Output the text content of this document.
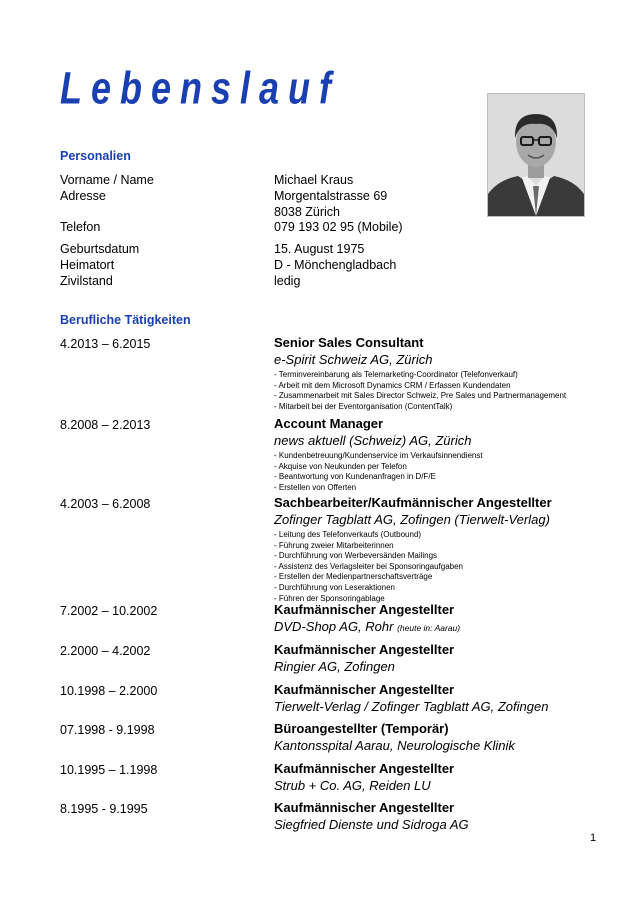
Lebenslauf
Personalien
Vorname / Name	Michael Kraus
Adresse	Morgentalstrasse 69
8038 Zürich
Telefon	079 193 02 95 (Mobile)
Geburtsdatum	15. August 1975
Heimatort	D - Mönchengladbach
Zivilstand	ledig
Berufliche Tätigkeiten
4.2013 – 6.2015	Senior Sales Consultant
e-Spirit Schweiz AG, Zürich
- Terminvereinbarung als Telemarketing-Coordinator (Telefonverkauf)
- Arbeit mit dem Microsoft Dynamics CRM / Erfassen Kundendaten
- Zusammenarbeit mit Sales Director Schweiz, Pre Sales und Partnermanagement
- Mitarbeit bei der Eventorganisation (ContentTalk)
8.2008 – 2.2013	Account Manager
news aktuell (Schweiz) AG, Zürich
- Kundenbetreuung/Kundenservice im Verkaufsinnendienst
- Akquise von Neukunden per Telefon
- Beantwortung von Kundenanfragen in D/F/E
- Erstellen von Offerten
4.2003 – 6.2008	Sachbearbeiter/Kaufmännischer Angestellter
Zofinger Tagblatt AG, Zofingen (Tierwelt-Verlag)
- Leitung des Telefonverkaufs (Outbound)
- Führung zweier Mitarbeiterinnen
- Durchführung von Werbeversänden Mailings
- Assistenz des Verlagsleiter bei Sponsoringaufgaben
- Erstellen der Medienpartnerschaftsverträge
- Durchführung von Leseraktionen
- Führen der Sponsoringablage
7.2002 – 10.2002	Kaufmännischer Angestellter
DVD-Shop AG, Rohr (heute in: Aarau)
2.2000 – 4.2002	Kaufmännischer Angestellter
Ringier AG, Zofingen
10.1998 – 2.2000	Kaufmännischer Angestellter
Tierwelt-Verlag / Zofinger Tagblatt AG, Zofingen
07.1998 - 9.1998	Büroangestellter (Temporär)
Kantonsspital Aarau, Neurologische Klinik
10.1995 – 1.1998	Kaufmännischer Angestellter
Strub + Co. AG, Reiden LU
8.1995 - 9.1995	Kaufmännischer Angestellter
Siegfried Dienste und Sidroga AG
1
